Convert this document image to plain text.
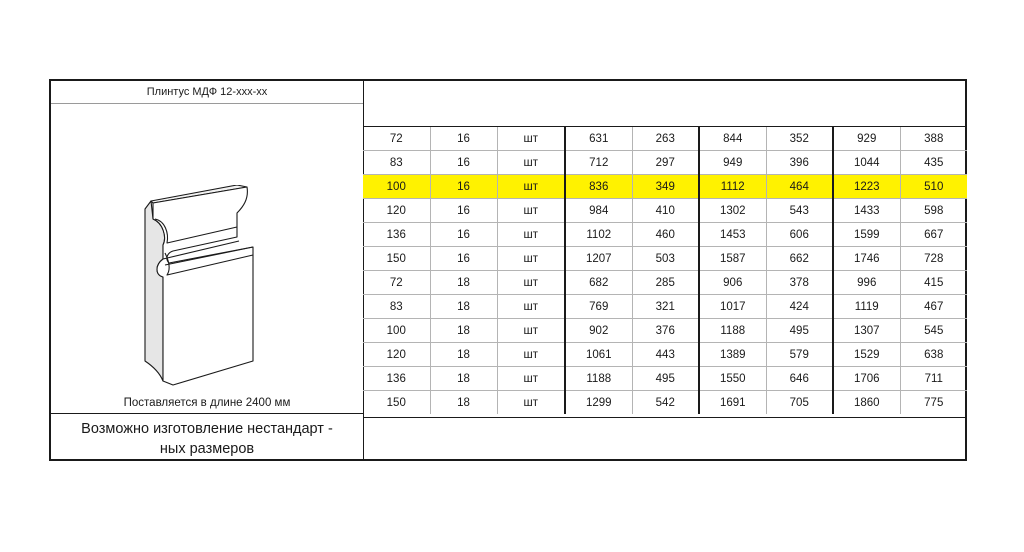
Плинтус МДФ 12-xxx-xx
Поставляется в длине 2400 мм
Возможно изготовление нестандарт -
ных размеров
72	16	шт	631	263	844	352	929	388
83	16	шт	712	297	949	396	1044	435
100	16	шт	836	349	1112	464	1223	510
120	16	шт	984	410	1302	543	1433	598
136	16	шт	1102	460	1453	606	1599	667
150	16	шт	1207	503	1587	662	1746	728
72	18	шт	682	285	906	378	996	415
83	18	шт	769	321	1017	424	1119	467
100	18	шт	902	376	1188	495	1307	545
120	18	шт	1061	443	1389	579	1529	638
136	18	шт	1188	495	1550	646	1706	711
150	18	шт	1299	542	1691	705	1860	775
